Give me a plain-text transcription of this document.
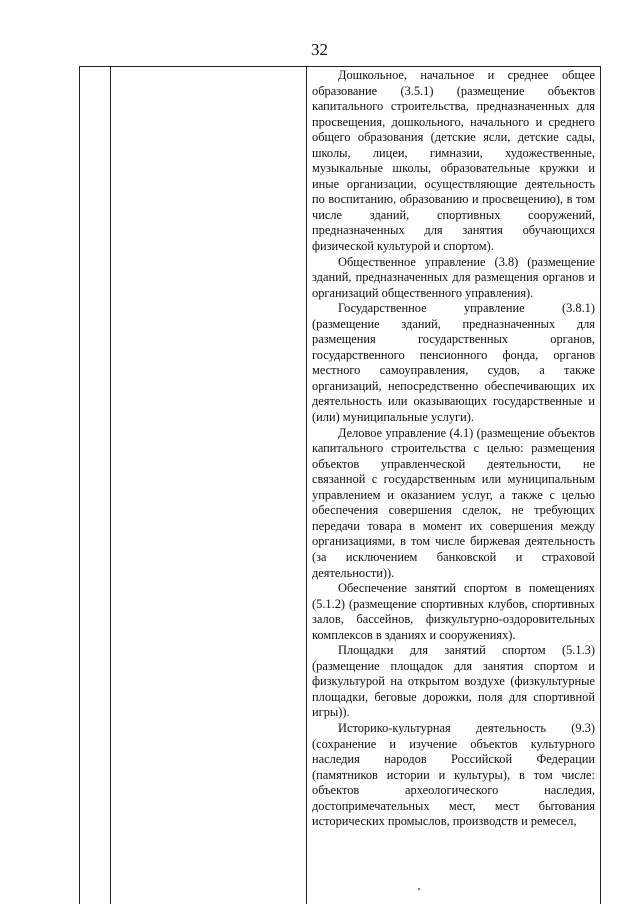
32

Дошкольное, начальное и среднее общее образование (3.5.1) (размещение объектов капитального строительства, предназначенных для просвещения, дошкольного, начального и среднего общего образования (детские ясли, детские сады, школы, лицеи, гимназии, художественные, музыкальные школы, образовательные кружки и иные организации, осуществляющие деятельность по воспитанию, образованию и просвещению), в том числе зданий, спортивных сооружений, предназначенных для занятия обучающихся физической культурой и спортом).

Общественное управление (3.8) (размещение зданий, предназначенных для размещения органов и организаций общественного управления).

Государственное управление (3.8.1) (размещение зданий, предназначенных для размещения государственных органов, государственного пенсионного фонда, органов местного самоуправления, судов, а также организаций, непосредственно обеспечивающих их деятельность или оказывающих государственные и (или) муниципальные услуги).

Деловое управление (4.1) (размещение объектов капитального строительства с целью: размещения объектов управленческой деятельности, не связанной с государственным или муниципальным управлением и оказанием услуг, а также с целью обеспечения совершения сделок, не требующих передачи товара в момент их совершения между организациями, в том числе биржевая деятельность (за исключением банковской и страховой деятельности)).

Обеспечение занятий спортом в помещениях (5.1.2) (размещение спортивных клубов, спортивных залов, бассейнов, физкультурно-оздоровительных комплексов в зданиях и сооружениях).

Площадки для занятий спортом (5.1.3) (размещение площадок для занятия спортом и физкультурой на открытом воздухе (физкультурные площадки, беговые дорожки, поля для спортивной игры)).

Историко-культурная деятельность (9.3) (сохранение и изучение объектов культурного наследия народов Российской Федерации (памятников истории и культуры), в том числе: объектов археологического наследия, достопримечательных мест, мест бытования исторических промыслов, производств и ремесел,
